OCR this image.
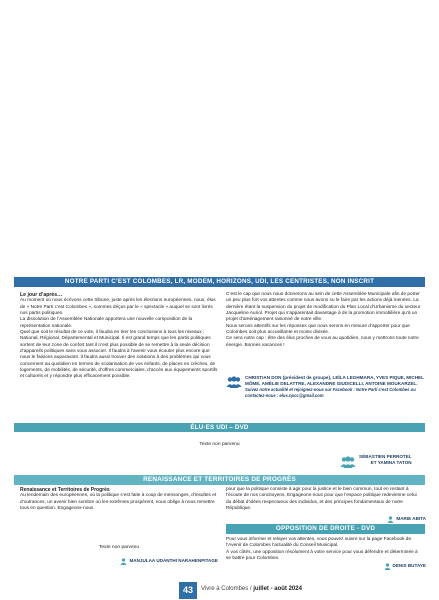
NOTRE PARTI C’EST COLOMBES, LR, MODEM, HORIZONS, UDI, LES CENTRISTES, NON INSCRIT

Le jour d’après…

Au moment où nous écrivons cette tribune, juste après les élections européennes, nous, élus de « Notre Parti c’est Colombes », sommes déçus par le « spectacle » auquel se sont livrés nos partis politiques.

La dissolution de l’Assemblée Nationale apportera une nouvelle composition de la représentation nationale.

Quel que soit le résultat de ce vote, il faudra en tirer les conclusions à tous les niveaux : National, Régional, Départemental et Municipal. Il est grand temps que les partis politiques sortent de leur zone de confort tant il n’est plus possible de se remettre à la seule décision d’appareils politiques sans vous associer. Il faudra à l’avenir vous écouter plus encore que nous le faisions auparavant. Il faudra aussi trouver des solutions à des problèmes qui vous concernent au quotidien en termes de scolarisation de vos enfants, de places en crèches, de logements, de mobilités, de sécurité, d’offres commerciales, d’accès aux équipements sportifs et culturels et y répondre plus efficacement possible.

C’est le cap que nous nous donnerons au sein de cette Assemblée Municipale afin de porter un peu plus fort vos attentes comme nous avons su le faire par les actions déjà menées. La dernière étant la suspension du projet de modification du Plan Local d’Urbanisme du secteur Jacqueline Auriol. Projet qui s’apparentait davantage à de la promotion immobilière qu’à un projet d’aménagement raisonné de notre ville.

Nous serons attentifs sur les réponses que nous serons en mesure d’apporter pour que Colombes soit plus accueillante et moins divisée.

Ce sera notre cap : être des élus proches de vous au quotidien, nous y mettrons toute notre énergie. Bonnes vacances !

CHRISTIAN DON (président de groupe), LEÏLA LEGHMARA, YVES PIQUE, MICHEL MÔME, AMÉLIE DELATTRE, ALEXANDRE GIUDICELLI, ANTOINE MOUKARZEL.
Suivez notre actualité et rejoignez-nous sur Facebook : Notre Parti c’est Colombes ou contactez-nous : elus.npcc@gmail.com
ÉLU·ES UDI – DVD
Texte non parvenu
SÉBASTIEN PERROTEL
ET YAMINA TATON
RENAISSANCE ET TERRITOIRES DE PROGRÈS

Renaissance et Territoires de Progrès

Au lendemain des européennes, où la politique s’est faite à coup de mensonges, d’insultes et d’outrances, un avenir bien sombre où les extrêmes prospèrent, nous oblige à nous remettre tous en question. Engageons-nous

pour que la politique consiste à agir pour la justice et le bien commun, tout en restant à l’écoute de nos concitoyens. Engageons-nous pour que l’espace politique redevienne celui du débat d’idées respectueux des individus, et des principes fondamentaux de notre République.

MARIE ABITA
OPPOSITION DE DROITE - DVD

Pour vous informer et relayer vos attentes, vous pouvez suivre sur la page Facebook de l’Avenir de Colombes l’actualité du Conseil Municipal.

À vos côtés, une opposition résolument à votre service pour vous défendre et déterminée à se battre pour Colombes.

DENIS BUTAYE
Texte non parvenu
MANJULAA UDANTHI NARAHENPITAGE
43	Vivre à Colombes / juillet - août 2024
